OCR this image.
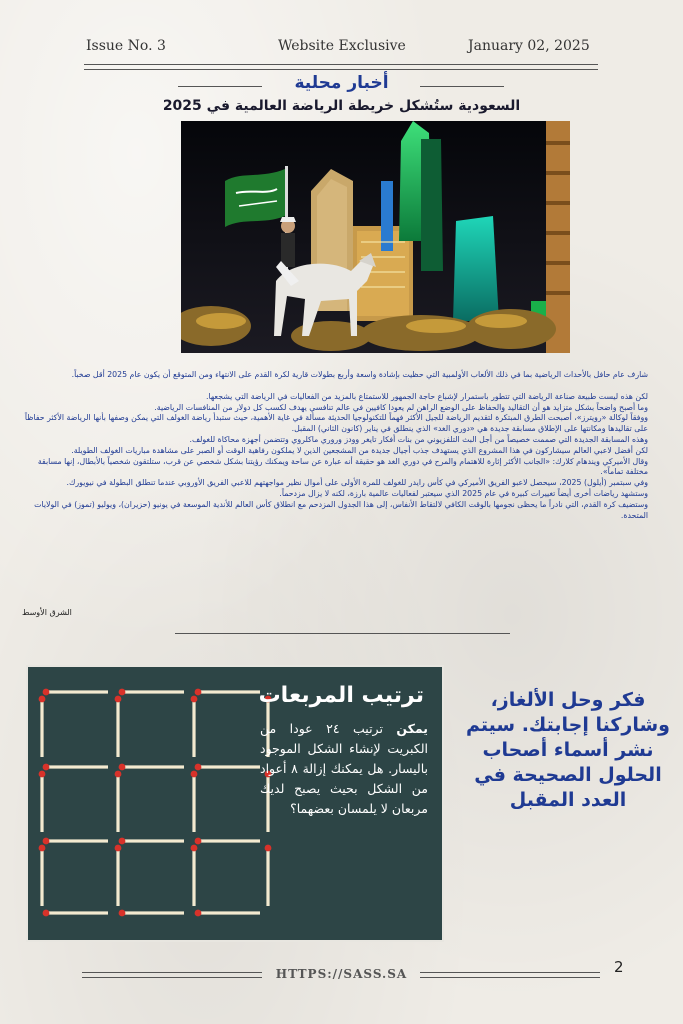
Issue No. 3	Website Exclusive	January 02, 2025
أخبار محلية
السعودية ستُشكل خريطة الرياضة العالمية في 2025

شارف عام حافل بالأحداث الرياضية بما في ذلك الألعاب الأولمبية التي حظيت بإشادة واسعة وأربع بطولات قارية لكرة القدم على الانتهاء ومن المتوقع أن يكون عام 2025 أقل صخباً.

لكن هذه ليست طبيعة صناعة الرياضة التي تتطور باستمرار لإشباع حاجة الجمهور للاستمتاع بالمزيد من الفعاليات في الرياضة التي يشجعها.

وما أصبح واضحاً بشكل متزايد هو أن التقاليد والحفاظ على الوضع الراهن لم يعودا كافيين في عالم تنافسي يهدف لكسب كل دولار من المنافسات الرياضية.

ووفقاً لوكالة «رويترز»، أصبحت الطرق المبتكرة لتقديم الرياضة للجيل الأكثر فهماً للتكنولوجيا الحديثة مسألة في غاية الأهمية، حيث ستبدأ رياضة الغولف التي يمكن وصفها بأنها الرياضة الأكثر حفاظاً على تقاليدها ومكانتها على الإطلاق مسابقة جديدة هي «دوري الغد» الذي ينطلق في يناير (كانون الثاني) المقبل.

وهذه المسابقة الجديدة التي صممت خصيصاً من أجل البث التلفزيوني من بنات أفكار تايغر وودز وروري ماكلروي وتتضمن أجهزة محاكاة للغولف.

لكن أفضل لاعبي العالم سيشاركون في هذا المشروع الذي يستهدف جذب أجيال جديدة من المشجعين الذين لا يملكون رفاهية الوقت أو الصبر على مشاهدة مباريات الغولف الطويلة.

وقال الأميركي ويندهام كلارك: «الجانب الأكثر إثارة للاهتمام والمرح في دوري الغد هو حقيقة أنه عبارة عن ساحة ويمكنك رؤيتنا بشكل شخصي عن قرب، ستلتقون شخصياً بالأبطال، إنها مسابقة مختلفة تماماً».

وفي سبتمبر (أيلول) 2025، سيحصل لاعبو الفريق الأميركي في كأس رايدر للغولف للمرة الأولى على أموال نظير مواجهتهم للاعبي الفريق الأوروبي عندما تنطلق البطولة في نيويورك.

وستشهد رياضات أخرى أيضاً تغييرات كبيرة في عام 2025 الذي سيعتبر لفعاليات عالمية بارزة، لكنه لا يزال مزدحماً.

وستضيف كرة القدم، التي نادراً ما يحظى نجومها بالوقت الكافي لالتقاط الأنفاس، إلى هذا الجدول المزدحم مع انطلاق كأس العالم للأندية الموسعة في يونيو (حزيران)، ويوليو (تموز) في الولايات المتحدة.

الشرق الأوسط
ترتيب المربعات
يمكن ترتيب ٢٤ عودا من الكبريت لإنشاء الشكل الموجود باليسار. هل يمكنك إزالة ٨ أعواد من الشكل بحيث يصبح لديك مربعان لا يلمسان بعضهما؟
فكر وحل الألغاز، وشاركنا إجابتك. سيتم نشر أسماء أصحاب الحلول الصحيحة في العدد المقبل
HTTPS://SASS.SA	2
